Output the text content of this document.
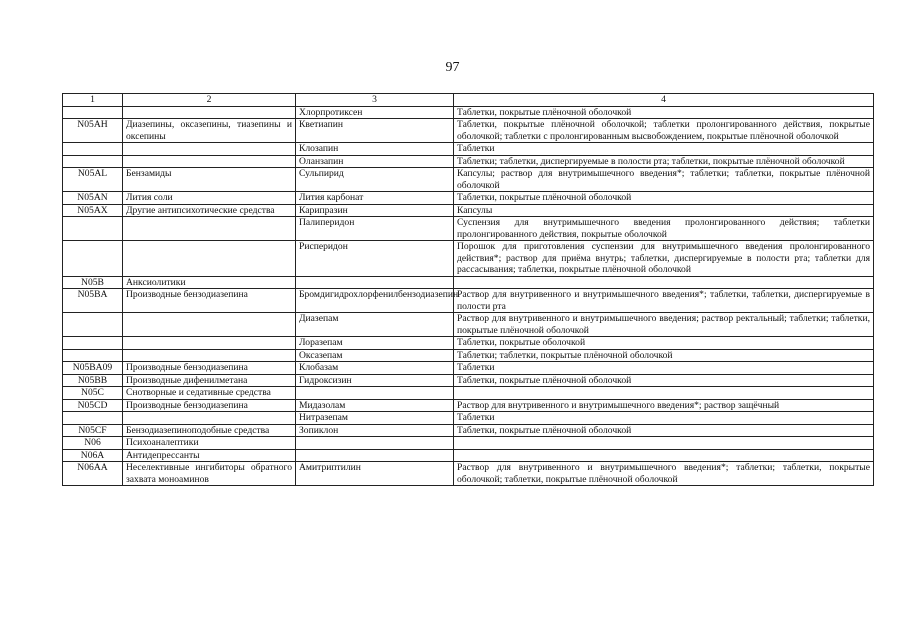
97
1	2	3	4
		Хлорпротиксен	Таблетки, покрытые плёночной оболочкой
N05AH	Диазепины, оксазепины, тиазепины и оксепины	Кветиапин	Таблетки, покрытые плёночной оболочкой; таблетки пролонгированного действия, покрытые оболочкой; таблетки с пролонгированным высвобождением, покрытые плёночной оболочкой
		Клозапин	Таблетки
		Оланзапин	Таблетки; таблетки, диспергируемые в полости рта; таблетки, покрытые плёночной оболочкой
N05AL	Бензамиды	Сульпирид	Капсулы; раствор для внутримышечного введения*; таблетки; таблетки, покрытые плёночной оболочкой
N05AN	Лития соли	Лития карбонат	Таблетки, покрытые плёночной оболочкой
N05AX	Другие антипсихотические средства	Карипразин	Капсулы
		Палиперидон	Суспензия для внутримышечного введения пролонгированного действия; таблетки пролонгированного действия, покрытые оболочкой
		Рисперидон	Порошок для приготовления суспензии для внутримышечного введения пролонгированного действия*; раствор для приёма внутрь; таблетки, диспергируемые в полости рта; таблетки для рассасывания; таблетки, покрытые плёночной оболочкой
N05B	Анксиолитики		
N05BA	Производные бензодиазепина	Бромдигидрохлорфенилбензодиазепин	Раствор для внутривенного и внутримышечного введения*; таблетки, таблетки, диспергируемые в полости рта
		Диазепам	Раствор для внутривенного и внутримышечного введения; раствор ректальный; таблетки; таблетки, покрытые плёночной оболочкой
		Лоразепам	Таблетки, покрытые оболочкой
		Оксазепам	Таблетки; таблетки, покрытые плёночной оболочкой
N05BA09	Производные бензодиазепина	Клобазам	Таблетки
N05BB	Производные дифенилметана	Гидроксизин	Таблетки, покрытые плёночной оболочкой
N05C	Снотворные и седативные средства		
N05CD	Производные бензодиазепина	Мидазолам	Раствор для внутривенного и внутримышечного введения*; раствор защёчный
		Нитразепам	Таблетки
N05CF	Бензодиазепиноподобные средства	Зопиклон	Таблетки, покрытые плёночной оболочкой
N06	Психоаналептики		
N06A	Антидепрессанты		
N06AA	Неселективные ингибиторы обратного захвата моноаминов	Амитриптилин	Раствор для внутривенного и внутримышечного введения*; таблетки; таблетки, покрытые оболочкой; таблетки, покрытые плёночной оболочкой
